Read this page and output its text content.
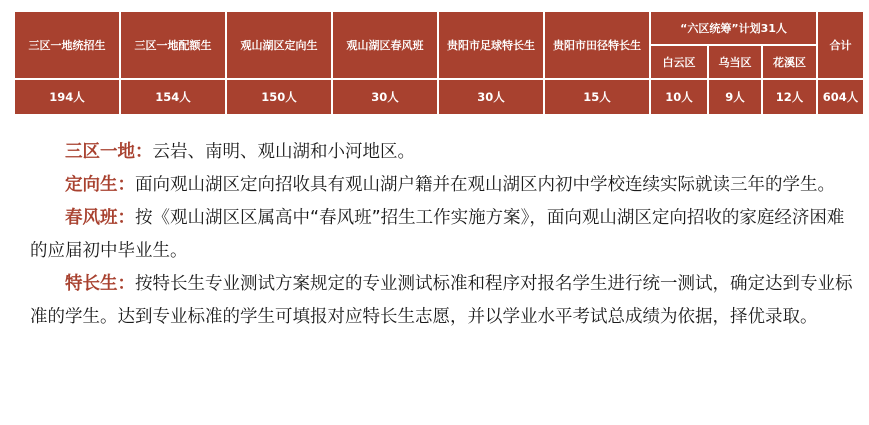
三区一地统招生	三区一地配额生	观山湖区定向生	观山湖区春风班	贵阳市足球特长生	贵阳市田径特长生	“六区统筹”计划31人			合计
						白云区	乌当区	花溪区	
194人	154人	150人	30人	30人	15人	10人	9人	12人	604人

三区一地：云岩、南明、观山湖和小河地区。

定向生：面向观山湖区定向招收具有观山湖户籍并在观山湖区内初中学校连续实际就读三年的学生。

春风班：按《观山湖区区属高中“春风班”招生工作实施方案》，面向观山湖区定向招收的家庭经济困难的应届初中毕业生。

特长生：按特长生专业测试方案规定的专业测试标准和程序对报名学生进行统一测试，确定达到专业标准的学生。达到专业标准的学生可填报对应特长生志愿，并以学业水平考试总成绩为依据，择优录取。
